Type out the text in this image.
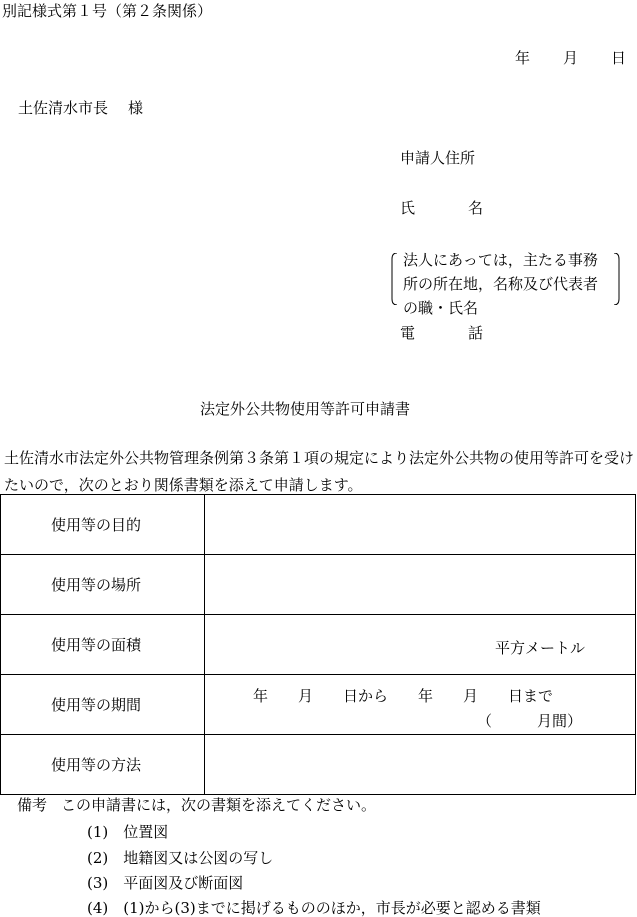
別記様式第１号（第２条関係）
年 月 日
土佐清水市長 様
申請人住所
氏	名
法人にあっては，主たる事務所の所在地，名称及び代表者の職・氏名
電	話
法定外公共物使用等許可申請書
土佐清水市法定外公共物管理条例第３条第１項の規定により法定外公共物の使用等許可を受けたいので，次のとおり関係書類を添えて申請します。
使用等の目的	
使用等の場所	
使用等の面積	平方メートル

使用等の期間	年　　月　　日から　　年　　月　　日まで
（　　　月間）

使用等の方法	
備考 この申請書には，次の書類を添えてください。
(1)　位置図
(2)　地籍図又は公図の写し
(3)　平面図及び断面図
(4)　(1)から(3)までに掲げるもののほか，市長が必要と認める書類
